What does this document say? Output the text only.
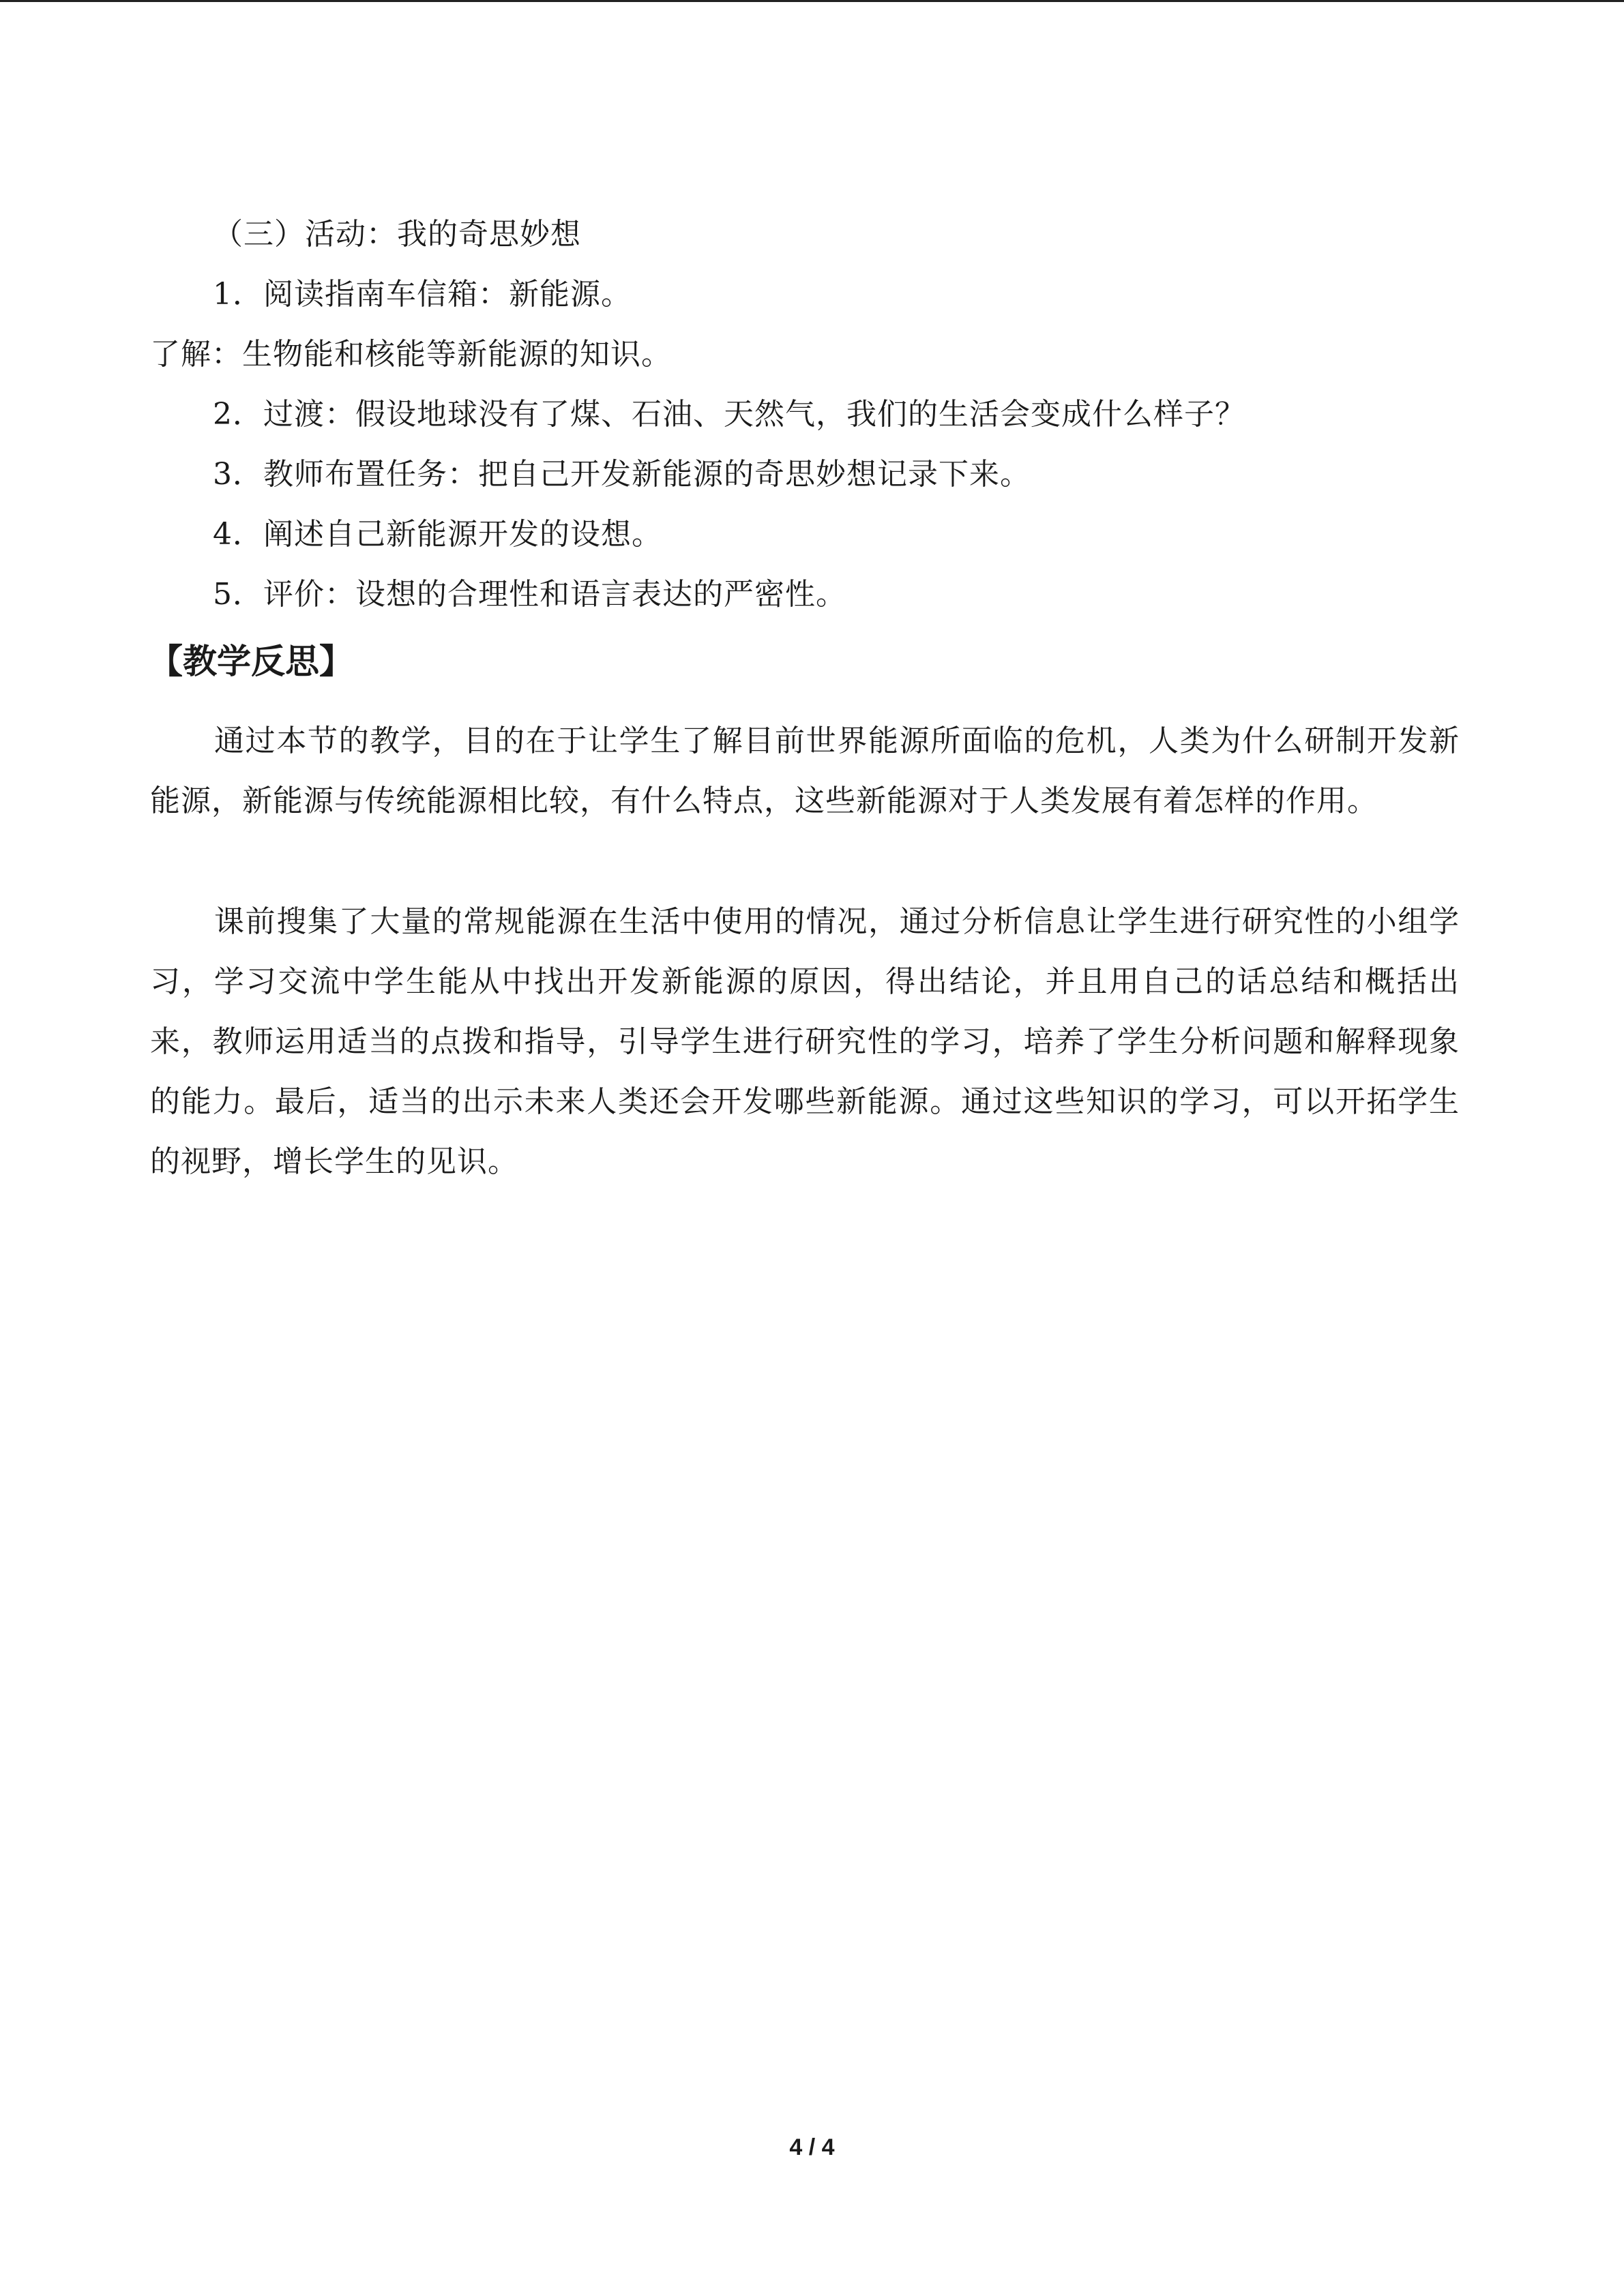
（三）活动：我的奇思妙想
1．阅读指南车信箱：新能源。
了解：生物能和核能等新能源的知识。
2．过渡：假设地球没有了煤、石油、天然气，我们的生活会变成什么样子？
3．教师布置任务：把自己开发新能源的奇思妙想记录下来。
4．阐述自己新能源开发的设想。
5．评价：设想的合理性和语言表达的严密性。
【教学反思】

通过本节的教学，目的在于让学生了解目前世界能源所面临的危机，人类为什么研制开发新能源，新能源与传统能源相比较，有什么特点，这些新能源对于人类发展有着怎样的作用。

课前搜集了大量的常规能源在生活中使用的情况，通过分析信息让学生进行研究性的小组学习，学习交流中学生能从中找出开发新能源的原因，得出结论，并且用自己的话总结和概括出来，教师运用适当的点拨和指导，引导学生进行研究性的学习，培养了学生分析问题和解释现象的能力。最后，适当的出示未来人类还会开发哪些新能源。通过这些知识的学习，可以开拓学生的视野，增长学生的见识。

4 / 4
